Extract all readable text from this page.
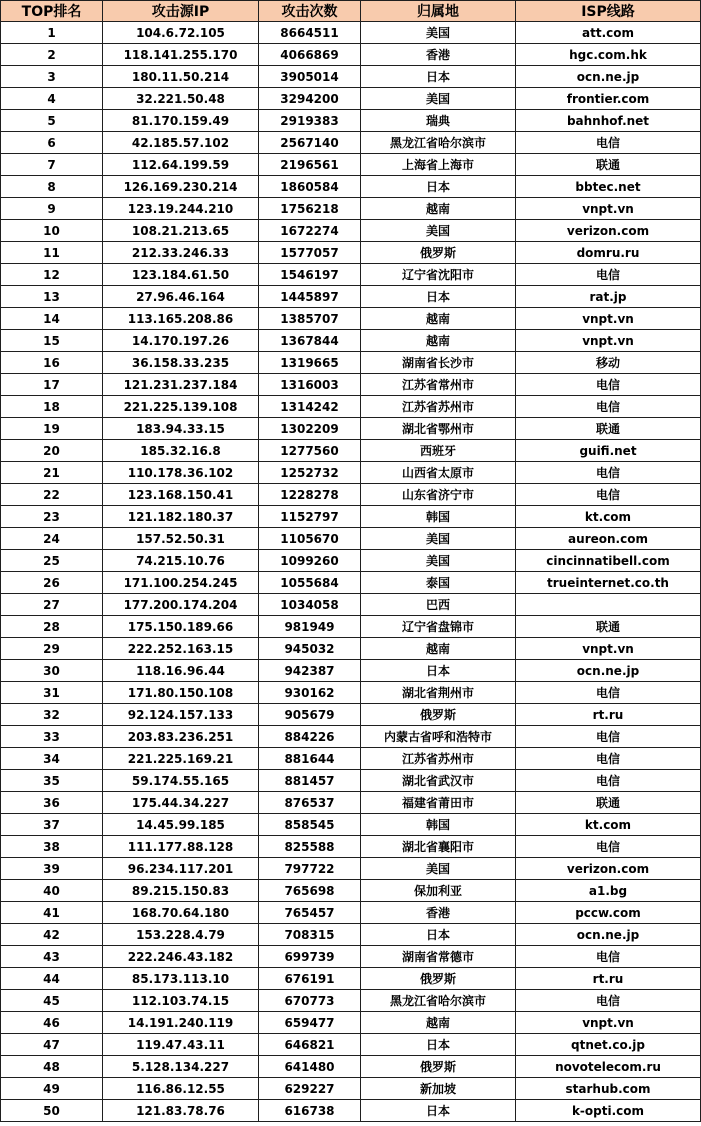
TOP排名	攻击源IP	攻击次数	归属地	ISP线路
1	104.6.72.105	8664511	美国	att.com
2	118.141.255.170	4066869	香港	hgc.com.hk
3	180.11.50.214	3905014	日本	ocn.ne.jp
4	32.221.50.48	3294200	美国	frontier.com
5	81.170.159.49	2919383	瑞典	bahnhof.net
6	42.185.57.102	2567140	黑龙江省哈尔滨市	电信
7	112.64.199.59	2196561	上海省上海市	联通
8	126.169.230.214	1860584	日本	bbtec.net
9	123.19.244.210	1756218	越南	vnpt.vn
10	108.21.213.65	1672274	美国	verizon.com
11	212.33.246.33	1577057	俄罗斯	domru.ru
12	123.184.61.50	1546197	辽宁省沈阳市	电信
13	27.96.46.164	1445897	日本	rat.jp
14	113.165.208.86	1385707	越南	vnpt.vn
15	14.170.197.26	1367844	越南	vnpt.vn
16	36.158.33.235	1319665	湖南省长沙市	移动
17	121.231.237.184	1316003	江苏省常州市	电信
18	221.225.139.108	1314242	江苏省苏州市	电信
19	183.94.33.15	1302209	湖北省鄂州市	联通
20	185.32.16.8	1277560	西班牙	guifi.net
21	110.178.36.102	1252732	山西省太原市	电信
22	123.168.150.41	1228278	山东省济宁市	电信
23	121.182.180.37	1152797	韩国	kt.com
24	157.52.50.31	1105670	美国	aureon.com
25	74.215.10.76	1099260	美国	cincinnatibell.com
26	171.100.254.245	1055684	泰国	trueinternet.co.th
27	177.200.174.204	1034058	巴西	
28	175.150.189.66	981949	辽宁省盘锦市	联通
29	222.252.163.15	945032	越南	vnpt.vn
30	118.16.96.44	942387	日本	ocn.ne.jp
31	171.80.150.108	930162	湖北省荆州市	电信
32	92.124.157.133	905679	俄罗斯	rt.ru
33	203.83.236.251	884226	内蒙古省呼和浩特市	电信
34	221.225.169.21	881644	江苏省苏州市	电信
35	59.174.55.165	881457	湖北省武汉市	电信
36	175.44.34.227	876537	福建省莆田市	联通
37	14.45.99.185	858545	韩国	kt.com
38	111.177.88.128	825588	湖北省襄阳市	电信
39	96.234.117.201	797722	美国	verizon.com
40	89.215.150.83	765698	保加利亚	a1.bg
41	168.70.64.180	765457	香港	pccw.com
42	153.228.4.79	708315	日本	ocn.ne.jp
43	222.246.43.182	699739	湖南省常德市	电信
44	85.173.113.10	676191	俄罗斯	rt.ru
45	112.103.74.15	670773	黑龙江省哈尔滨市	电信
46	14.191.240.119	659477	越南	vnpt.vn
47	119.47.43.11	646821	日本	qtnet.co.jp
48	5.128.134.227	641480	俄罗斯	novotelecom.ru
49	116.86.12.55	629227	新加坡	starhub.com
50	121.83.78.76	616738	日本	k-opti.com
